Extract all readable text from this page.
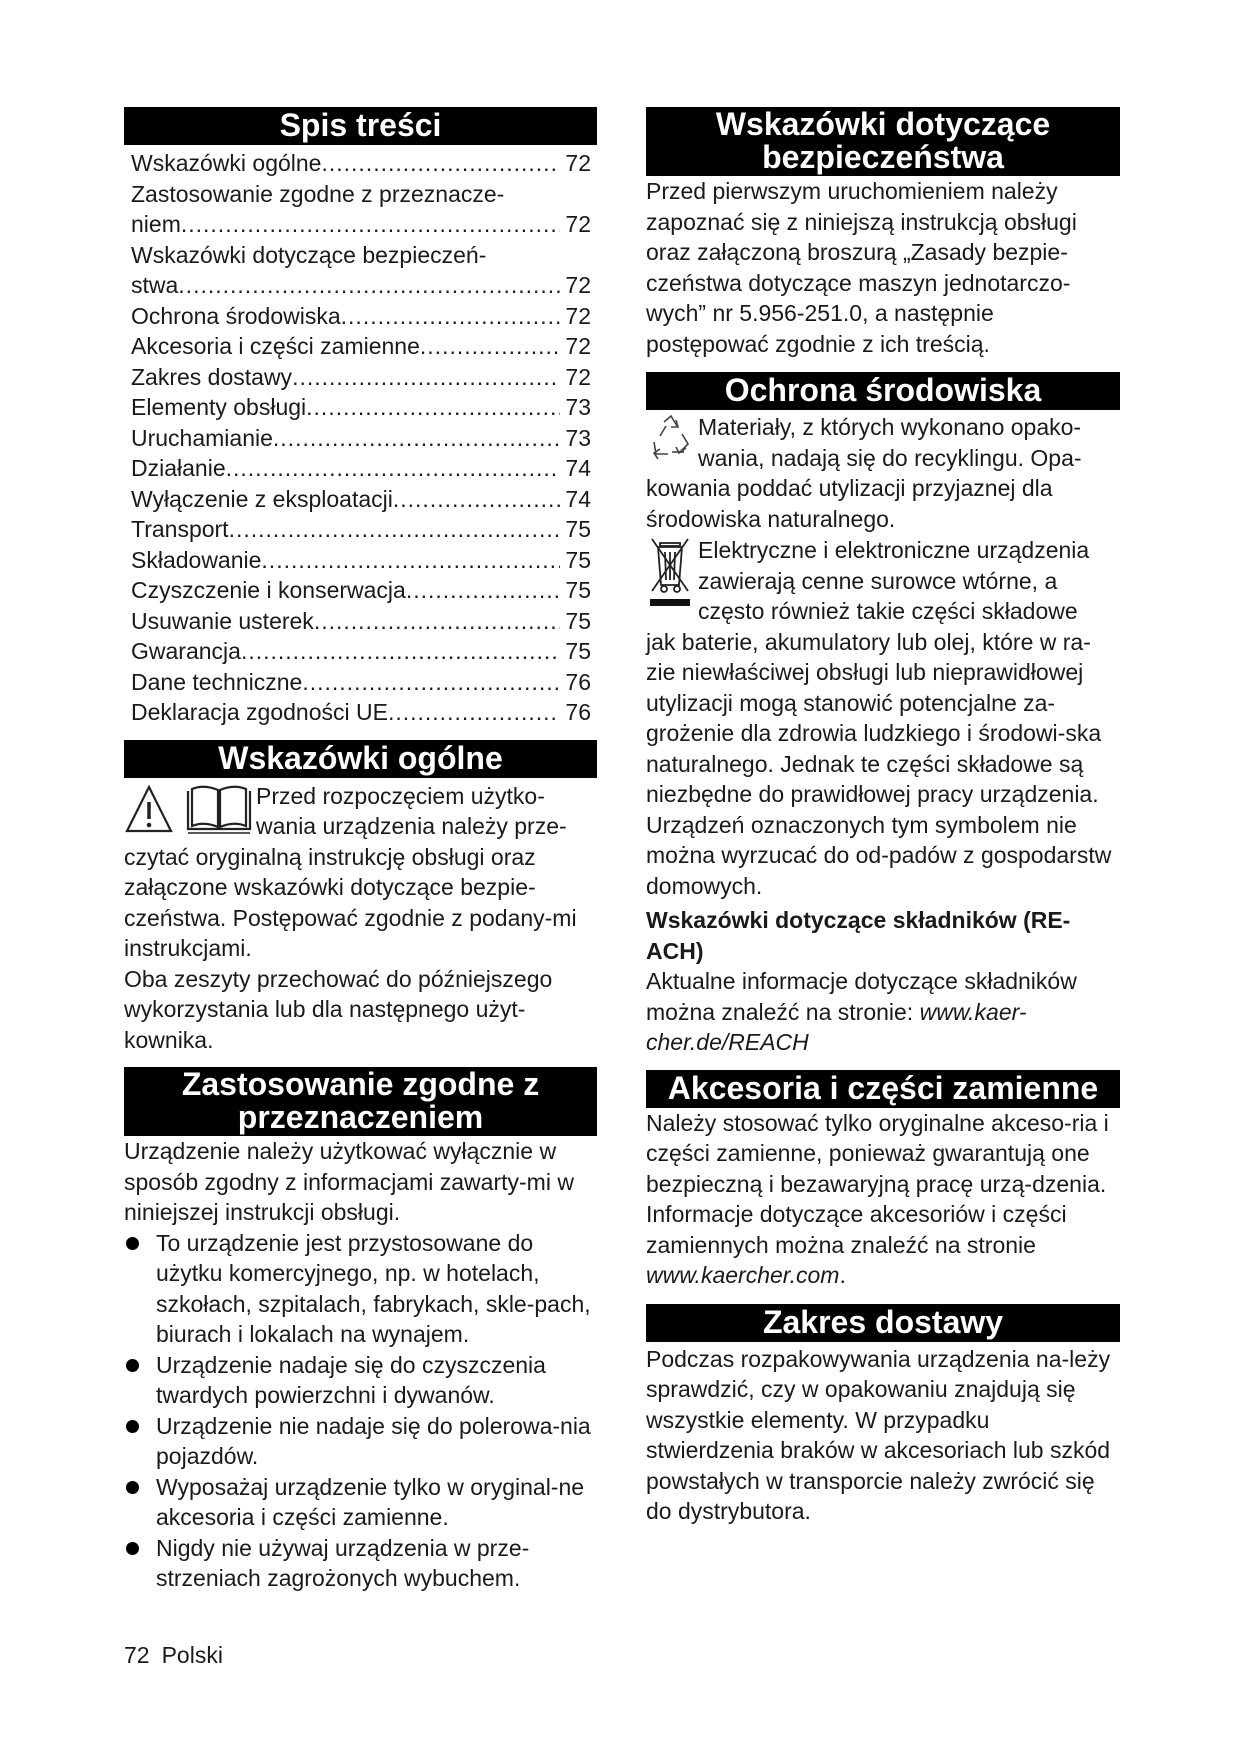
Spis treści
Wskazówki ogólne .....	72
Zastosowanie zgodne z przeznacze-
niem .....	72
Wskazówki dotyczące bezpieczeń-
stwa .....	72
Ochrona środowiska .....	72
Akcesoria i części zamienne .....	72
Zakres dostawy .....	72
Elementy obsługi .....	73
Uruchamianie .....	73
Działanie .....	74
Wyłączenie z eksploatacji .....	74
Transport .....	75
Składowanie .....	75
Czyszczenie i konserwacja .....	75
Usuwanie usterek .....	75
Gwarancja .....	75
Dane techniczne .....	76
Deklaracja zgodności UE .....	76
Wskazówki ogólne
Przed rozpoczęciem użytko-
wania urządzenia należy prze-
czytać oryginalną instrukcję obsługi oraz załączone wskazówki dotyczące bezpie-czeństwa. Postępować zgodnie z podany-mi instrukcjami.
Oba zeszyty przechować do późniejszego wykorzystania lub dla następnego użyt-kownika.
Zastosowanie zgodne z
przeznaczeniem
Urządzenie należy użytkować wyłącznie w sposób zgodny z informacjami zawarty-mi w niniejszej instrukcji obsługi.
To urządzenie jest przystosowane do użytku komercyjnego, np. w hotelach, szkołach, szpitalach, fabrykach, skle-pach, biurach i lokalach na wynajem.
Urządzenie nadaje się do czyszczenia twardych powierzchni i dywanów.
Urządzenie nie nadaje się do polerowa-nia pojazdów.
Wyposażaj urządzenie tylko w oryginal-ne akcesoria i części zamienne.
Nigdy nie używaj urządzenia w prze-strzeniach zagrożonych wybuchem.
Wskazówki dotyczące
bezpieczeństwa
Przed pierwszym uruchomieniem należy zapoznać się z niniejszą instrukcją obsługi oraz załączoną broszurą „Zasady bezpie-czeństwa dotyczące maszyn jednotarczo-wych” nr 5.956-251.0, a następnie postępować zgodnie z ich treścią.
Ochrona środowiska
Materiały, z których wykonano opako-
wania, nadają się do recyklingu. Opa-
kowania poddać utylizacji przyjaznej dla środowiska naturalnego.
Elektryczne i elektroniczne urządzenia
zawierają cenne surowce wtórne, a
często również takie części składowe
jak baterie, akumulatory lub olej, które w ra-zie niewłaściwej obsługi lub nieprawidłowej utylizacji mogą stanowić potencjalne za-grożenie dla zdrowia ludzkiego i środowi-ska naturalnego. Jednak te części składowe są niezbędne do prawidłowej pracy urządzenia. Urządzeń oznaczonych tym symbolem nie można wyrzucać do od-padów z gospodarstw domowych.
Wskazówki dotyczące składników (RE-ACH)
Aktualne informacje dotyczące składników można znaleźć na stronie: www.kaer-cher.de/REACH
Akcesoria i części zamienne
Należy stosować tylko oryginalne akceso-ria i części zamienne, ponieważ gwarantują one bezpieczną i bezawaryjną pracę urzą-dzenia.
Informacje dotyczące akcesoriów i części zamiennych można znaleźć na stronie www.kaercher.com.
Zakres dostawy
Podczas rozpakowywania urządzenia na-leży sprawdzić, czy w opakowaniu znajdują się wszystkie elementy. W przypadku stwierdzenia braków w akcesoriach lub szkód powstałych w transporcie należy zwrócić się do dystrybutora.
72 Polski
